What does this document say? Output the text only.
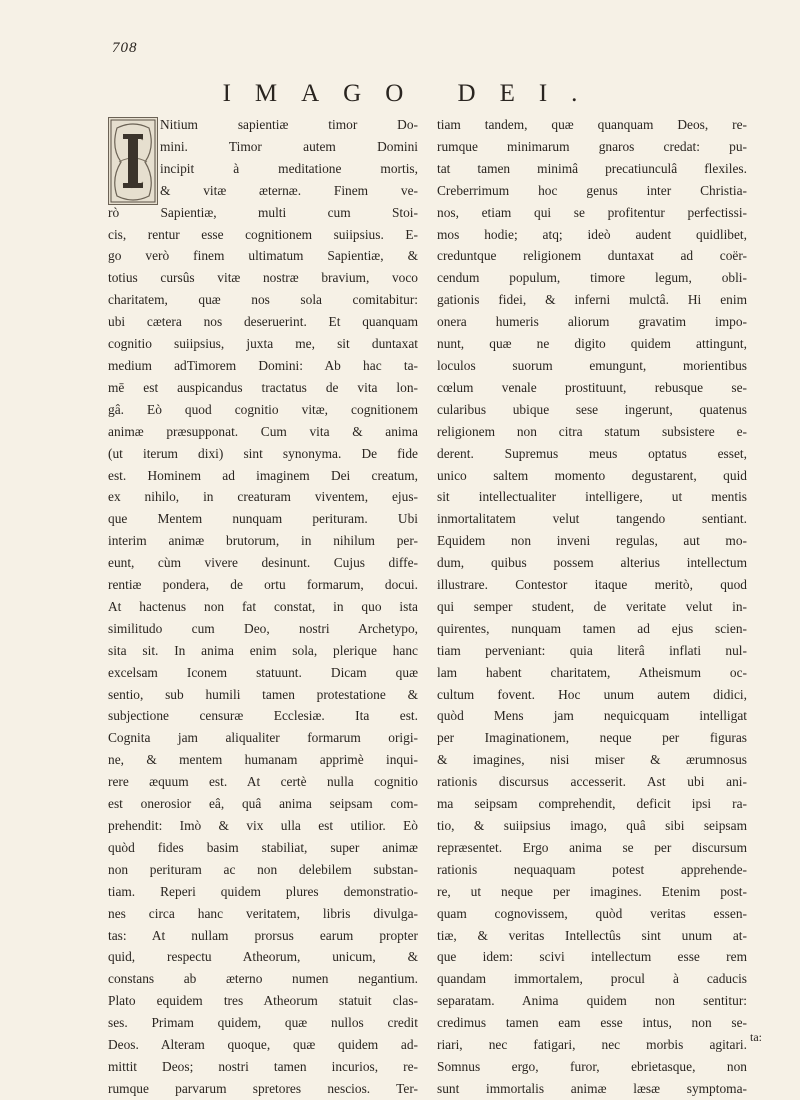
708
IMAGO DEI.
Nitium sapientiæ timor Do-
mini. Timor autem Domini
incipit à meditatione mortis,
& vitæ æternæ. Finem ve-
rò Sapientiæ, multi cum Stoi-
cis, rentur esse cognitionem suiipsius. E-
go verò finem ultimatum Sapientiæ, &
totius cursûs vitæ nostræ bravium, voco
charitatem, quæ nos sola comitabitur:
ubi cætera nos deseruerint. Et quanquam
cognitio suiipsius, juxta me, sit duntaxat
medium adTimorem Domini: Ab hac ta-
mē est auspicandus tractatus de vita lon-
gâ. Eò quod cognitio vitæ, cognitionem
animæ præsupponat. Cum vita & anima
(ut iterum dixi) sint synonyma. De fide
est. Hominem ad imaginem Dei creatum,
ex nihilo, in creaturam viventem, ejus-
que Mentem nunquam perituram. Ubi
interim animæ brutorum, in nihilum per-
eunt, cùm vivere desinunt. Cujus diffe-
rentiæ pondera, de ortu formarum, docui.
At hactenus non fat constat, in quo ista
similitudo cum Deo, nostri Archetypo,
sita sit. In anima enim sola, plerique hanc
excelsam Iconem statuunt. Dicam quæ
sentio, sub humili tamen protestatione &
subjectione censuræ Ecclesiæ. Ita est.
Cognita jam aliqualiter formarum origi-
ne, & mentem humanam apprimè inqui-
rere æquum est. At certè nulla cognitio
est onerosior eâ, quâ anima seipsam com-
prehendit: Imò & vix ulla est utilior. Eò
quòd fides basim stabiliat, super animæ
non perituram ac non delebilem substan-
tiam. Reperi quidem plures demonstratio-
nes circa hanc veritatem, libris divulga-
tas: At nullam prorsus earum propter
quid, respectu Atheorum, unicum, &
constans ab æterno numen negantium.
Plato equidem tres Atheorum statuit clas-
ses. Primam quidem, quæ nullos credit
Deos. Alteram quoque, quæ quidem ad-
mittit Deos; nostri tamen incurios, re-
rumque parvarum spretores nescios. Ter-
tiam tandem, quæ quanquam Deos, re-
rumque minimarum gnaros credat: pu-
tat tamen minimâ precatiunculâ flexiles.
Creberrimum hoc genus inter Christia-
nos, etiam qui se profitentur perfectissi-
mos hodie; atq; ideò audent quidlibet,
creduntque religionem duntaxat ad coër-
cendum populum, timore legum, obli-
gationis fidei, & inferni mulctâ. Hi enim
onera humeris aliorum gravatim impo-
nunt, quæ ne digito quidem attingunt,
loculos suorum emungunt, morientibus
cœlum venale prostituunt, rebusque se-
cularibus ubique sese ingerunt, quatenus
religionem non citra statum subsistere e-
derent. Supremus meus optatus esset,
unico saltem momento degustarent, quid
sit intellectualiter intelligere, ut mentis
inmortalitatem velut tangendo sentiant.
Equidem non inveni regulas, aut mo-
dum, quibus possem alterius intellectum
illustrare. Contestor itaque meritò, quod
qui semper student, de veritate velut in-
quirentes, nunquam tamen ad ejus scien-
tiam perveniant: quia literâ inflati nul-
lam habent charitatem, Atheismum oc-
cultum fovent. Hoc unum autem didici,
quòd Mens jam nequicquam intelligat
per Imaginationem, neque per figuras
& imagines, nisi miser & ærumnosus
rationis discursus accesserit. Ast ubi ani-
ma seipsam comprehendit, deficit ipsi ra-
tio, & suiipsius imago, quâ sibi seipsam
repræsentet. Ergo anima se per discursum
rationis nequaquam potest apprehende-
re, ut neque per imagines. Etenim post-
quam cognovissem, quòd veritas essen-
tiæ, & veritas Intellectûs sint unum at-
que idem: scivi intellectum esse rem
quandam immortalem, procul à caducis
separatam. Anima quidem non sentitur:
credimus tamen eam esse intus, non se-
riari, nec fatigari, nec morbis agitari.
Somnus ergo, furor, ebrietasque, non
sunt immortalis animæ læsæ symptoma-
ta:
